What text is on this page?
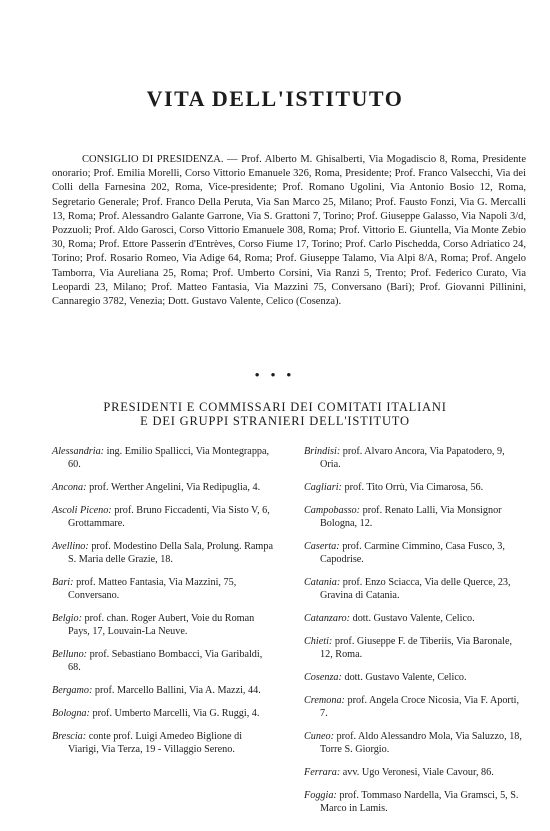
VITA DELL'ISTITUTO

CONSIGLIO DI PRESIDENZA. — Prof. Alberto M. Ghisalberti, Via Mogadiscio 8, Roma, Presidente onorario; Prof. Emilia Morelli, Corso Vittorio Emanuele 326, Roma, Presidente; Prof. Franco Valsecchi, Via dei Colli della Farnesina 202, Roma, Vice-presidente; Prof. Romano Ugolini, Via Antonio Bosio 12, Roma, Segretario Generale; Prof. Franco Della Peruta, Via San Marco 25, Milano; Prof. Fausto Fonzi, Via G. Mercalli 13, Roma; Prof. Alessandro Galante Garrone, Via S. Grattoni 7, Torino; Prof. Giuseppe Galasso, Via Napoli 3/d, Pozzuoli; Prof. Aldo Garosci, Corso Vittorio Emanuele 308, Roma; Prof. Vittorio E. Giuntella, Via Monte Zebio 30, Roma; Prof. Ettore Passerin d'Entrèves, Corso Fiume 17, Torino; Prof. Carlo Pischedda, Corso Adriatico 24, Torino; Prof. Rosario Romeo, Via Adige 64, Roma; Prof. Giuseppe Talamo, Via Alpi 8/A, Roma; Prof. Angelo Tamborra, Via Aureliana 25, Roma; Prof. Umberto Corsini, Via Ranzi 5, Trento; Prof. Federico Curato, Via Leopardi 23, Milano; Prof. Matteo Fantasia, Via Mazzini 75, Conversano (Bari); Prof. Giovanni Pillinini, Cannaregio 3782, Venezia; Dott. Gustavo Valente, Celico (Cosenza).

• • •
PRESIDENTI E COMMISSARI DEI COMITATI ITALIANI
E DEI GRUPPI STRANIERI DELL'ISTITUTO
Alessandria: ing. Emilio Spallicci, Via Montegrappa, 60.
Ancona: prof. Werther Angelini, Via Redipuglia, 4.
Ascoli Piceno: prof. Bruno Ficcadenti, Via Sisto V, 6, Grottammare.
Avellino: prof. Modestino Della Sala, Prolung. Rampa S. Maria delle Grazie, 18.
Bari: prof. Matteo Fantasia, Via Mazzini, 75, Conversano.
Belgio: prof. chan. Roger Aubert, Voie du Roman Pays, 17, Louvain-La Neuve.
Belluno: prof. Sebastiano Bombacci, Via Garibaldi, 68.
Bergamo: prof. Marcello Ballini, Via A. Mazzi, 44.
Bologna: prof. Umberto Marcelli, Via G. Ruggi, 4.
Brescia: conte prof. Luigi Amedeo Biglione di Viarigi, Via Terza, 19 - Villaggio Sereno.
Brindisi: prof. Alvaro Ancora, Via Papatodero, 9, Oria.
Cagliari: prof. Tito Orrù, Via Cimarosa, 56.
Campobasso: prof. Renato Lalli, Via Monsignor Bologna, 12.
Caserta: prof. Carmine Cimmino, Casa Fusco, 3, Capodrise.
Catania: prof. Enzo Sciacca, Via delle Querce, 23, Gravina di Catania.
Catanzaro: dott. Gustavo Valente, Celico.
Chieti: prof. Giuseppe F. de Tiberiis, Via Baronale, 12, Roma.
Cosenza: dott. Gustavo Valente, Celico.
Cremona: prof. Angela Croce Nicosia, Via F. Aporti, 7.
Cuneo: prof. Aldo Alessandro Mola, Via Saluzzo, 18, Torre S. Giorgio.
Ferrara: avv. Ugo Veronesi, Viale Cavour, 86.
Foggia: prof. Tommaso Nardella, Via Gramsci, 5, S. Marco in Lamis.
